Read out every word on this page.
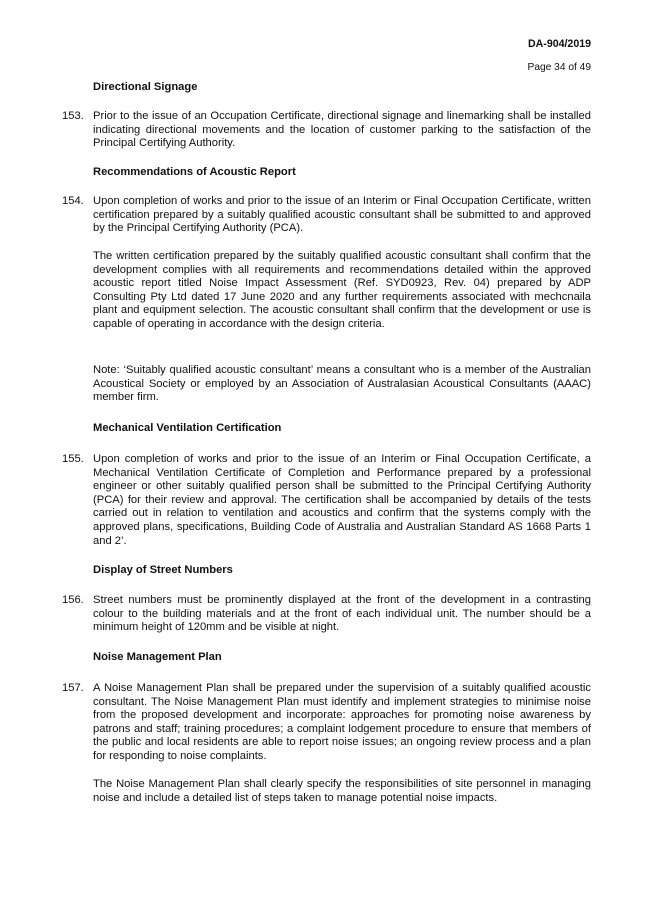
DA-904/2019
Page 34 of 49
Directional Signage
153. Prior to the issue of an Occupation Certificate, directional signage and linemarking shall be installed indicating directional movements and the location of customer parking to the satisfaction of the Principal Certifying Authority.
Recommendations of Acoustic Report
154. Upon completion of works and prior to the issue of an Interim or Final Occupation Certificate, written certification prepared by a suitably qualified acoustic consultant shall be submitted to and approved by the Principal Certifying Authority (PCA).
The written certification prepared by the suitably qualified acoustic consultant shall confirm that the development complies with all requirements and recommendations detailed within the approved acoustic report titled Noise Impact Assessment (Ref. SYD0923, Rev. 04) prepared by ADP Consulting Pty Ltd dated 17 June 2020 and any further requirements associated with mechcnaila plant and equipment selection. The acoustic consultant shall confirm that the development or use is capable of operating in accordance with the design criteria.
Note: ‘Suitably qualified acoustic consultant’ means a consultant who is a member of the Australian Acoustical Society or employed by an Association of Australasian Acoustical Consultants (AAAC) member firm.
Mechanical Ventilation Certification
155. Upon completion of works and prior to the issue of an Interim or Final Occupation Certificate, a Mechanical Ventilation Certificate of Completion and Performance prepared by a professional engineer or other suitably qualified person shall be submitted to the Principal Certifying Authority (PCA) for their review and approval. The certification shall be accompanied by details of the tests carried out in relation to ventilation and acoustics and confirm that the systems comply with the approved plans, specifications, Building Code of Australia and Australian Standard AS 1668 Parts 1 and 2’.
Display of Street Numbers
156. Street numbers must be prominently displayed at the front of the development in a contrasting colour to the building materials and at the front of each individual unit. The number should be a minimum height of 120mm and be visible at night.
Noise Management Plan
157. A Noise Management Plan shall be prepared under the supervision of a suitably qualified acoustic consultant. The Noise Management Plan must identify and implement strategies to minimise noise from the proposed development and incorporate: approaches for promoting noise awareness by patrons and staff; training procedures; a complaint lodgement procedure to ensure that members of the public and local residents are able to report noise issues; an ongoing review process and a plan for responding to noise complaints.
The Noise Management Plan shall clearly specify the responsibilities of site personnel in managing noise and include a detailed list of steps taken to manage potential noise impacts.
